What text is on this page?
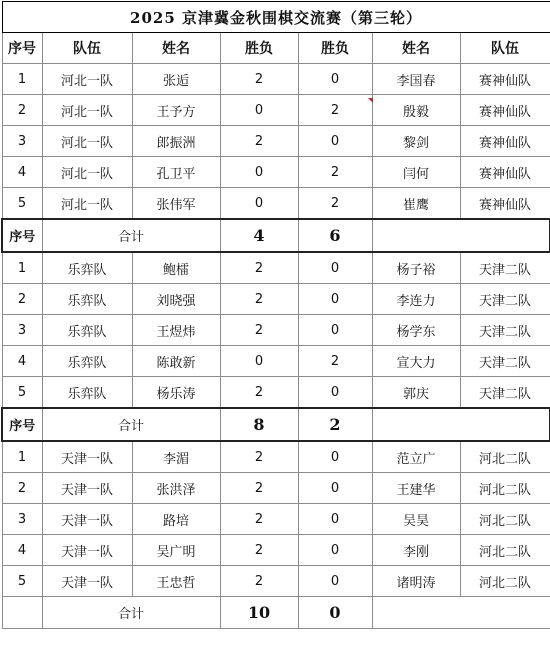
2025 京津冀金秋围棋交流赛（第三轮）						
序号	队伍	姓名	胜负	胜负	姓名	队伍
1	河北一队	张逅	2	0	李国春	赛神仙队
2	河北一队	王予方	0	2	殷毅	赛神仙队
3	河北一队	郎振洲	2	0	黎剑	赛神仙队
4	河北一队	孔卫平	0	2	闫何	赛神仙队
5	河北一队	张伟军	0	2	崔鹰	赛神仙队
序号	合计		4	6		
1	乐弈队	鲍檑	2	0	杨子裕	天津二队
2	乐弈队	刘晓强	2	0	李连力	天津二队
3	乐弈队	王煜炜	2	0	杨学东	天津二队
4	乐弈队	陈敢新	0	2	宣大力	天津二队
5	乐弈队	杨乐涛	2	0	郭庆	天津二队
序号	合计		8	2		
1	天津一队	李湄	2	0	范立广	河北二队
2	天津一队	张洪泽	2	0	王建华	河北二队
3	天津一队	路培	2	0	吴昊	河北二队
4	天津一队	吴广明	2	0	李刚	河北二队
5	天津一队	王忠哲	2	0	诸明涛	河北二队
	合计		10	0		
